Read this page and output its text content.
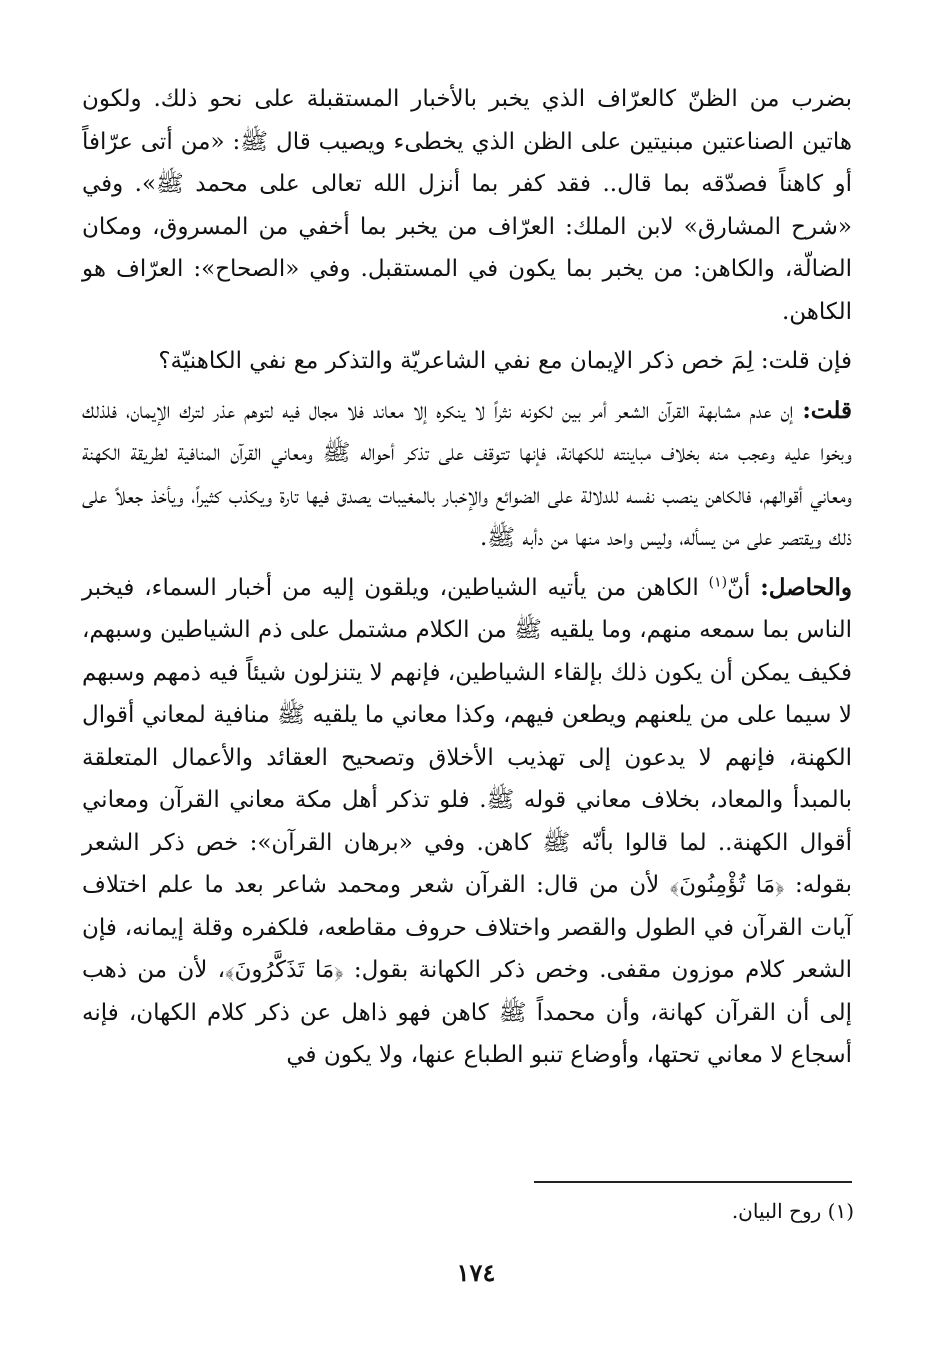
بضرب من الظنّ كالعرّاف الذي يخبر بالأخبار المستقبلة على نحو ذلك. ولكون هاتين الصناعتين مبنيتين على الظن الذي يخطىء ويصيب قال ﷺ: «من أتى عرّافاً أو كاهناً فصدّقه بما قال.. فقد كفر بما أنزل الله تعالى على محمد ﷺ». وفي «شرح المشارق» لابن الملك: العرّاف من يخبر بما أخفي من المسروق، ومكان الضالّة، والكاهن: من يخبر بما يكون في المستقبل. وفي «الصحاح»: العرّاف هو الكاهن.

فإن قلت: لِمَ خص ذكر الإيمان مع نفي الشاعريّة والتذكر مع نفي الكاهنيّة؟

قلت: إن عدم مشابهة القرآن الشعر أمر بين لكونه نثراً لا ينكره إلا معاند فلا مجال فيه لتوهم عذر لترك الإيمان، فلذلك وبخوا عليه وعجب منه بخلاف مباينته للكهانة، فإنها تتوقف على تذكر أحواله ﷺ ومعاني القرآن المنافية لطريقة الكهنة ومعاني أقوالهم، فالكاهن ينصب نفسه للدلالة على الضوائع والإخبار بالمغيبات يصدق فيها تارة ويكذب كثيراً، ويأخذ جعلاً على ذلك ويقتصر على من يسأله، وليس واحد منها من دأبه ﷺ.

والحاصل: أنّ$^{(١)}$ الكاهن من يأتيه الشياطين، ويلقون إليه من أخبار السماء، فيخبر الناس بما سمعه منهم، وما يلقيه ﷺ من الكلام مشتمل على ذم الشياطين وسبهم، فكيف يمكن أن يكون ذلك بإلقاء الشياطين، فإنهم لا يتنزلون شيئاً فيه ذمهم وسبهم لا سيما على من يلعنهم ويطعن فيهم، وكذا معاني ما يلقيه ﷺ منافية لمعاني أقوال الكهنة، فإنهم لا يدعون إلى تهذيب الأخلاق وتصحيح العقائد والأعمال المتعلقة بالمبدأ والمعاد، بخلاف معاني قوله ﷺ. فلو تذكر أهل مكة معاني القرآن ومعاني أقوال الكهنة.. لما قالوا بأنّه ﷺ كاهن. وفي «برهان القرآن»: خص ذكر الشعر بقوله: ﴿مَا تُؤْمِنُونَ﴾ لأن من قال: القرآن شعر ومحمد شاعر بعد ما علم اختلاف آيات القرآن في الطول والقصر واختلاف حروف مقاطعه، فلكفره وقلة إيمانه، فإن الشعر كلام موزون مقفى. وخص ذكر الكهانة بقول: ﴿مَا تَذَكَّرُونَ﴾، لأن من ذهب إلى أن القرآن كهانة، وأن محمداً ﷺ كاهن فهو ذاهل عن ذكر كلام الكهان، فإنه أسجاع لا معاني تحتها، وأوضاع تنبو الطباع عنها، ولا يكون في

(١) روح البيان.
١٧٤
